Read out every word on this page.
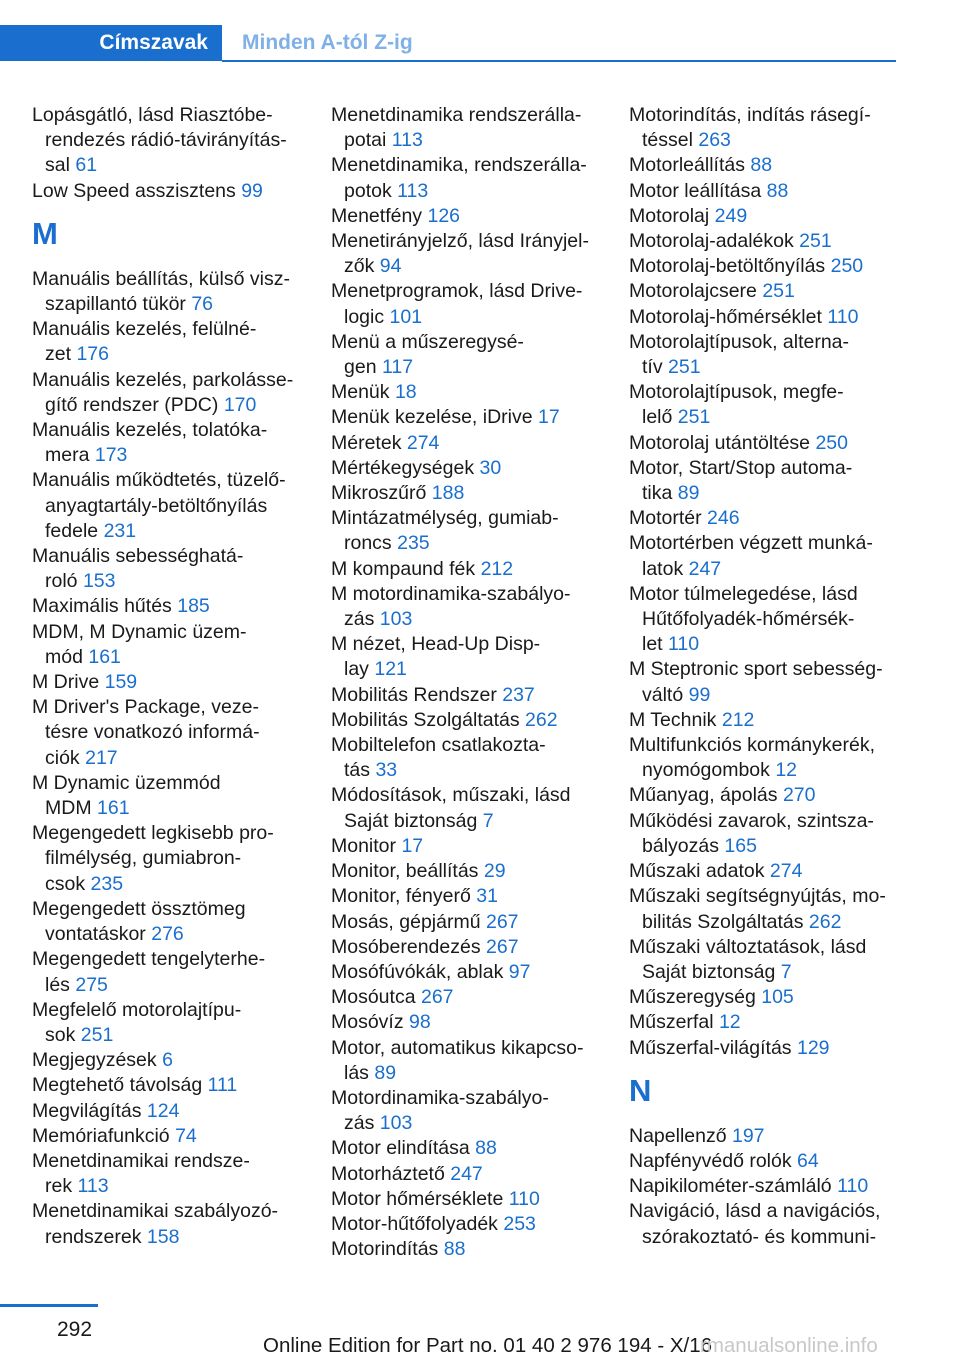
Címszavak Minden A-tól Z-ig
Lopásgátló, lásd Riasztóbe-
rendezés rádió-távirányítás-
sal 61
Low Speed asszisztens 99
M
Manuális beállítás, külső visz-
szapillantó tükör 76
Manuális kezelés, felülné-
zet 176
Manuális kezelés, parkolásse-
gítő rendszer (PDC) 170
Manuális kezelés, tolatóka-
mera 173
Manuális működtetés, tüzelő-
anyagtartály-betöltőnyílás
fedele 231
Manuális sebességhatá-
roló 153
Maximális hűtés 185
MDM, M Dynamic üzem-
mód 161
M Drive 159
M Driver's Package, veze-
tésre vonatkozó informá-
ciók 217
M Dynamic üzemmód
MDM 161
Megengedett legkisebb pro-
filmélység, gumiabron-
csok 235
Megengedett össztömeg
vontatáskor 276
Megengedett tengelyterhe-
lés 275
Megfelelő motorolajtípu-
sok 251
Megjegyzések 6
Megtehető távolság 111
Megvilágítás 124
Memóriafunkció 74
Menetdinamikai rendsze-
rek 113
Menetdinamikai szabályozó-
rendszerek 158
Menetdinamika rendszerálla-
potai 113
Menetdinamika, rendszerálla-
potok 113
Menetfény 126
Menetirányjelző, lásd Irányjel-
zők 94
Menetprogramok, lásd Drive-
logic 101
Menü a műszeregysé-
gen 117
Menük 18
Menük kezelése, iDrive 17
Méretek 274
Mértékegységek 30
Mikroszűrő 188
Mintázatmélység, gumiab-
roncs 235
M kompaund fék 212
M motordinamika-szabályo-
zás 103
M nézet, Head-Up Disp-
lay 121
Mobilitás Rendszer 237
Mobilitás Szolgáltatás 262
Mobiltelefon csatlakozta-
tás 33
Módosítások, műszaki, lásd
Saját biztonság 7
Monitor 17
Monitor, beállítás 29
Monitor, fényerő 31
Mosás, gépjármű 267
Mosóberendezés 267
Mosófúvókák, ablak 97
Mosóutca 267
Mosóvíz 98
Motor, automatikus kikapcso-
lás 89
Motordinamika-szabályo-
zás 103
Motor elindítása 88
Motorháztető 247
Motor hőmérséklete 110
Motor-hűtőfolyadék 253
Motorindítás 88
Motorindítás, indítás rásegí-
téssel 263
Motorleállítás 88
Motor leállítása 88
Motorolaj 249
Motorolaj-adalékok 251
Motorolaj-betöltőnyílás 250
Motorolajcsere 251
Motorolaj-hőmérséklet 110
Motorolajtípusok, alterna-
tív 251
Motorolajtípusok, megfe-
lelő 251
Motorolaj utántöltése 250
Motor, Start/Stop automa-
tika 89
Motortér 246
Motortérben végzett munká-
latok 247
Motor túlmelegedése, lásd
Hűtőfolyadék-hőmérsék-
let 110
M Steptronic sport sebesség-
váltó 99
M Technik 212
Multifunkciós kormánykerék,
nyomógombok 12
Műanyag, ápolás 270
Működési zavarok, szintsza-
bályozás 165
Műszaki adatok 274
Műszaki segítségnyújtás, mo-
bilitás Szolgáltatás 262
Műszaki változtatások, lásd
Saját biztonság 7
Műszeregység 105
Műszerfal 12
Műszerfal-világítás 129
N
Napellenző 197
Napfényvédő rolók 64
Napikilométer-számláló 110
Navigáció, lásd a navigációs,
szórakoztató- és kommuni-
292
Online Edition for Part no. 01 40 2 976 194 - X/16
rmanualsonline.info
